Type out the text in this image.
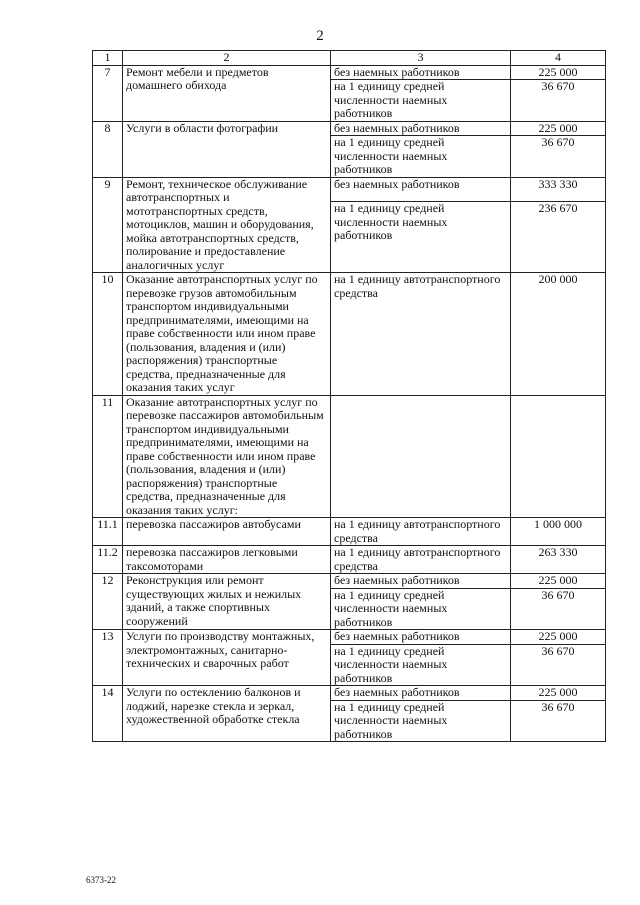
2
1	2	3	4
7	Ремонт мебели и предметов домашнего обихода	без наемных работников	225 000
		на 1 единицу средней численности наемных работников	36 670
8	Услуги в области фотографии	без наемных работников	225 000
		на 1 единицу средней численности наемных работников	36 670
9	Ремонт, техническое обслуживание автотранспортных и мототранспортных средств, мотоциклов, машин и оборудования, мойка автотранспортных средств, полирование и предоставление аналогичных услуг	без наемных работников	333 330
		на 1 единицу средней численности наемных работников	236 670
10	Оказание автотранспортных услуг по перевозке грузов автомобильным транспортом индивидуальными предпринимателями, имеющими на праве собственности или ином праве (пользования, владения и (или) распоряжения) транспортные средства, предназначенные для оказания таких услуг	на 1 единицу автотранспортного средства	200 000
11	Оказание автотранспортных услуг по перевозке пассажиров автомобильным транспортом индивидуальными предпринимателями, имеющими на праве собственности или ином праве (пользования, владения и (или) распоряжения) транспортные средства, предназначенные для оказания таких услуг:		
11.1	перевозка пассажиров автобусами	на 1 единицу автотранспортного средства	1 000 000
11.2	перевозка пассажиров легковыми таксомоторами	на 1 единицу автотранспортного средства	263 330
12	Реконструкция или ремонт существующих жилых и нежилых зданий, а также спортивных сооружений	без наемных работников	225 000
		на 1 единицу средней численности наемных работников	36 670
13	Услуги по производству монтажных, электромонтажных, санитарно-технических и сварочных работ	без наемных работников	225 000
		на 1 единицу средней численности наемных работников	36 670
14	Услуги по остеклению балконов и лоджий, нарезке стекла и зеркал, художественной обработке стекла	без наемных работников	225 000
		на 1 единицу средней численности наемных работников	36 670
6373-22
